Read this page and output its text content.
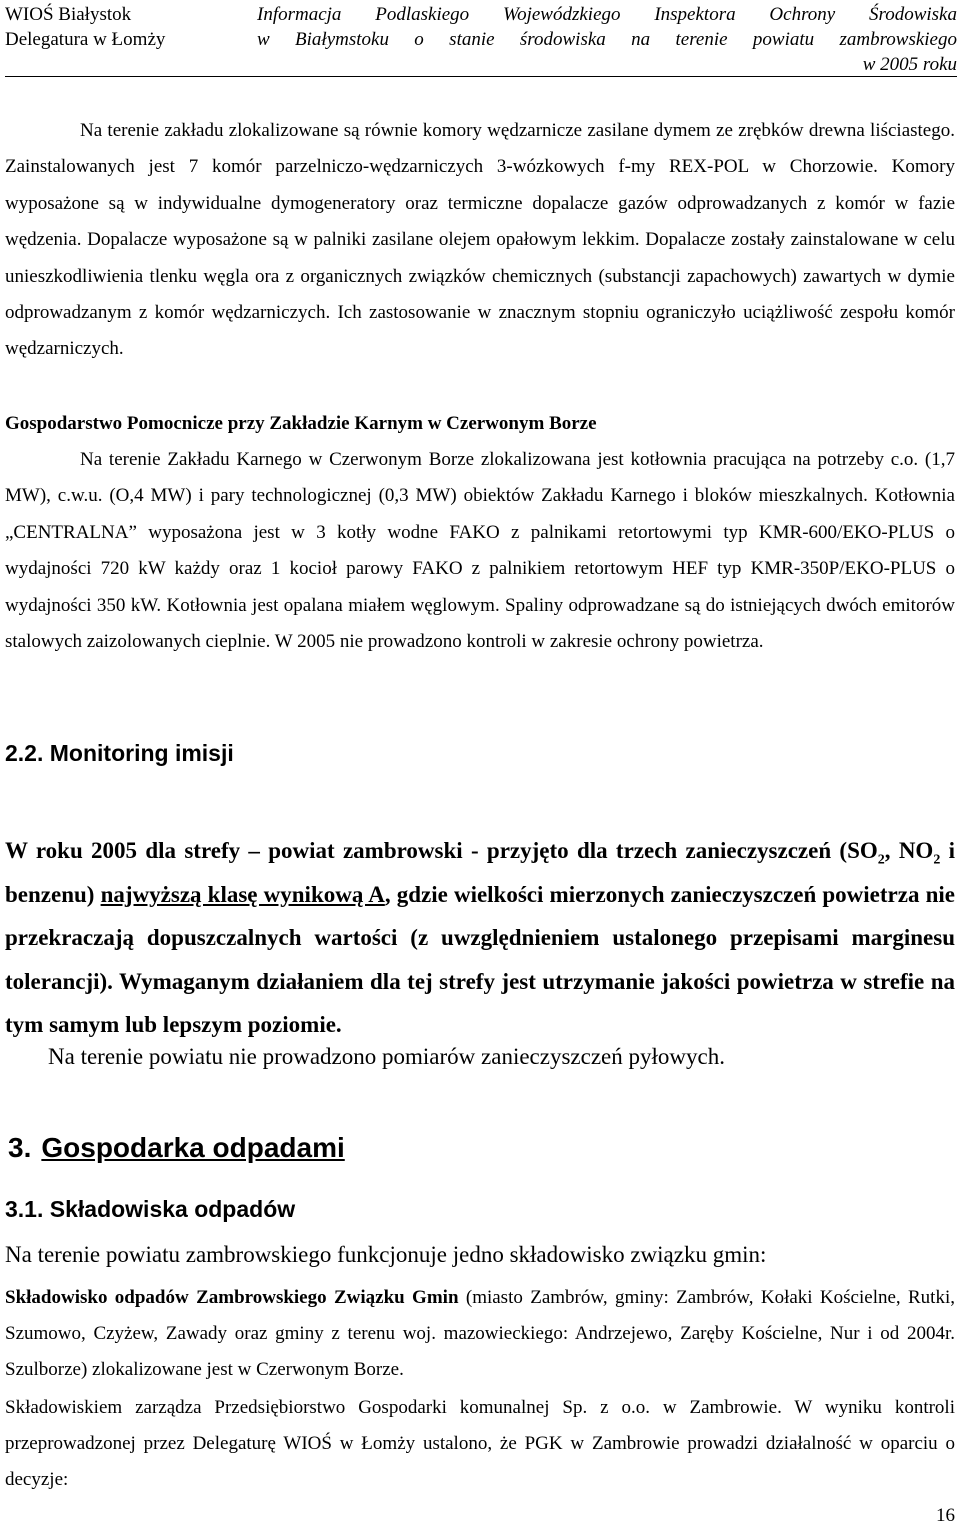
WIOŚ Białystok
Delegatura w Łomży
Informacja Podlaskiego Wojewódzkiego Inspektora Ochrony Środowiska
w Białymstoku o stanie środowiska na terenie powiatu zambrowskiego
w 2005 roku

Na terenie zakładu zlokalizowane są równie komory wędzarnicze zasilane dymem ze zrębków drewna liściastego. Zainstalowanych jest 7 komór parzelniczo-wędzarniczych 3-wózkowych f-my REX-POL w Chorzowie. Komory wyposażone są w indywidualne dymogeneratory oraz termiczne dopalacze gazów odprowadzanych z komór w fazie wędzenia. Dopalacze wyposażone są w palniki zasilane olejem opałowym lekkim. Dopalacze zostały zainstalowane w celu unieszkodliwienia tlenku węgla ora z organicznych związków chemicznych (substancji zapachowych) zawartych w dymie odprowadzanym z komór wędzarniczych. Ich zastosowanie w znacznym stopniu ograniczyło uciążliwość zespołu komór wędzarniczych.

Gospodarstwo Pomocnicze przy Zakładzie Karnym w Czerwonym Borze

Na terenie Zakładu Karnego w Czerwonym Borze zlokalizowana jest kotłownia pracująca na potrzeby c.o. (1,7 MW), c.w.u. (O,4 MW) i pary technologicznej (0,3 MW) obiektów Zakładu Karnego i bloków mieszkalnych. Kotłownia „CENTRALNA” wyposażona jest w 3 kotły wodne FAKO z palnikami retortowymi typ KMR-600/EKO-PLUS o wydajności 720 kW każdy oraz 1 kocioł parowy FAKO z palnikiem retortowym HEF typ KMR-350P/EKO-PLUS o wydajności 350 kW. Kotłownia jest opalana miałem węglowym. Spaliny odprowadzane są do istniejących dwóch emitorów stalowych zaizolowanych cieplnie. W 2005 nie prowadzono kontroli w zakresie ochrony powietrza.

2.2. Monitoring imisji
W roku 2005 dla strefy – powiat zambrowski - przyjęto dla trzech zanieczyszczeń ($SO_2$, $NO_2$ i benzenu) najwyższą klasę wynikową A, gdzie wielkości mierzonych zanieczyszczeń powietrza nie przekraczają dopuszczalnych wartości (z uwzględnieniem ustalonego przepisami marginesu tolerancji). Wymaganym działaniem dla tej strefy jest utrzymanie jakości powietrza w strefie na tym samym lub lepszym poziomie.
Na terenie powiatu nie prowadzono pomiarów zanieczyszczeń pyłowych.
3. Gospodarka odpadami
3.1. Składowiska odpadów
Na terenie powiatu zambrowskiego funkcjonuje jedno składowisko związku gmin:

Składowisko odpadów Zambrowskiego Związku Gmin (miasto Zambrów, gminy: Zambrów, Kołaki Kościelne, Rutki, Szumowo, Czyżew, Zawady oraz gminy z terenu woj. mazowieckiego: Andrzejewo, Zaręby Kościelne, Nur i od 2004r. Szulborze) zlokalizowane jest w Czerwonym Borze.

Składowiskiem zarządza Przedsiębiorstwo Gospodarki komunalnej Sp. z o.o. w Zambrowie. W wyniku kontroli przeprowadzonej przez Delegaturę WIOŚ w Łomży ustalono, że PGK w Zambrowie prowadzi działalność w oparciu o decyzje:

16
